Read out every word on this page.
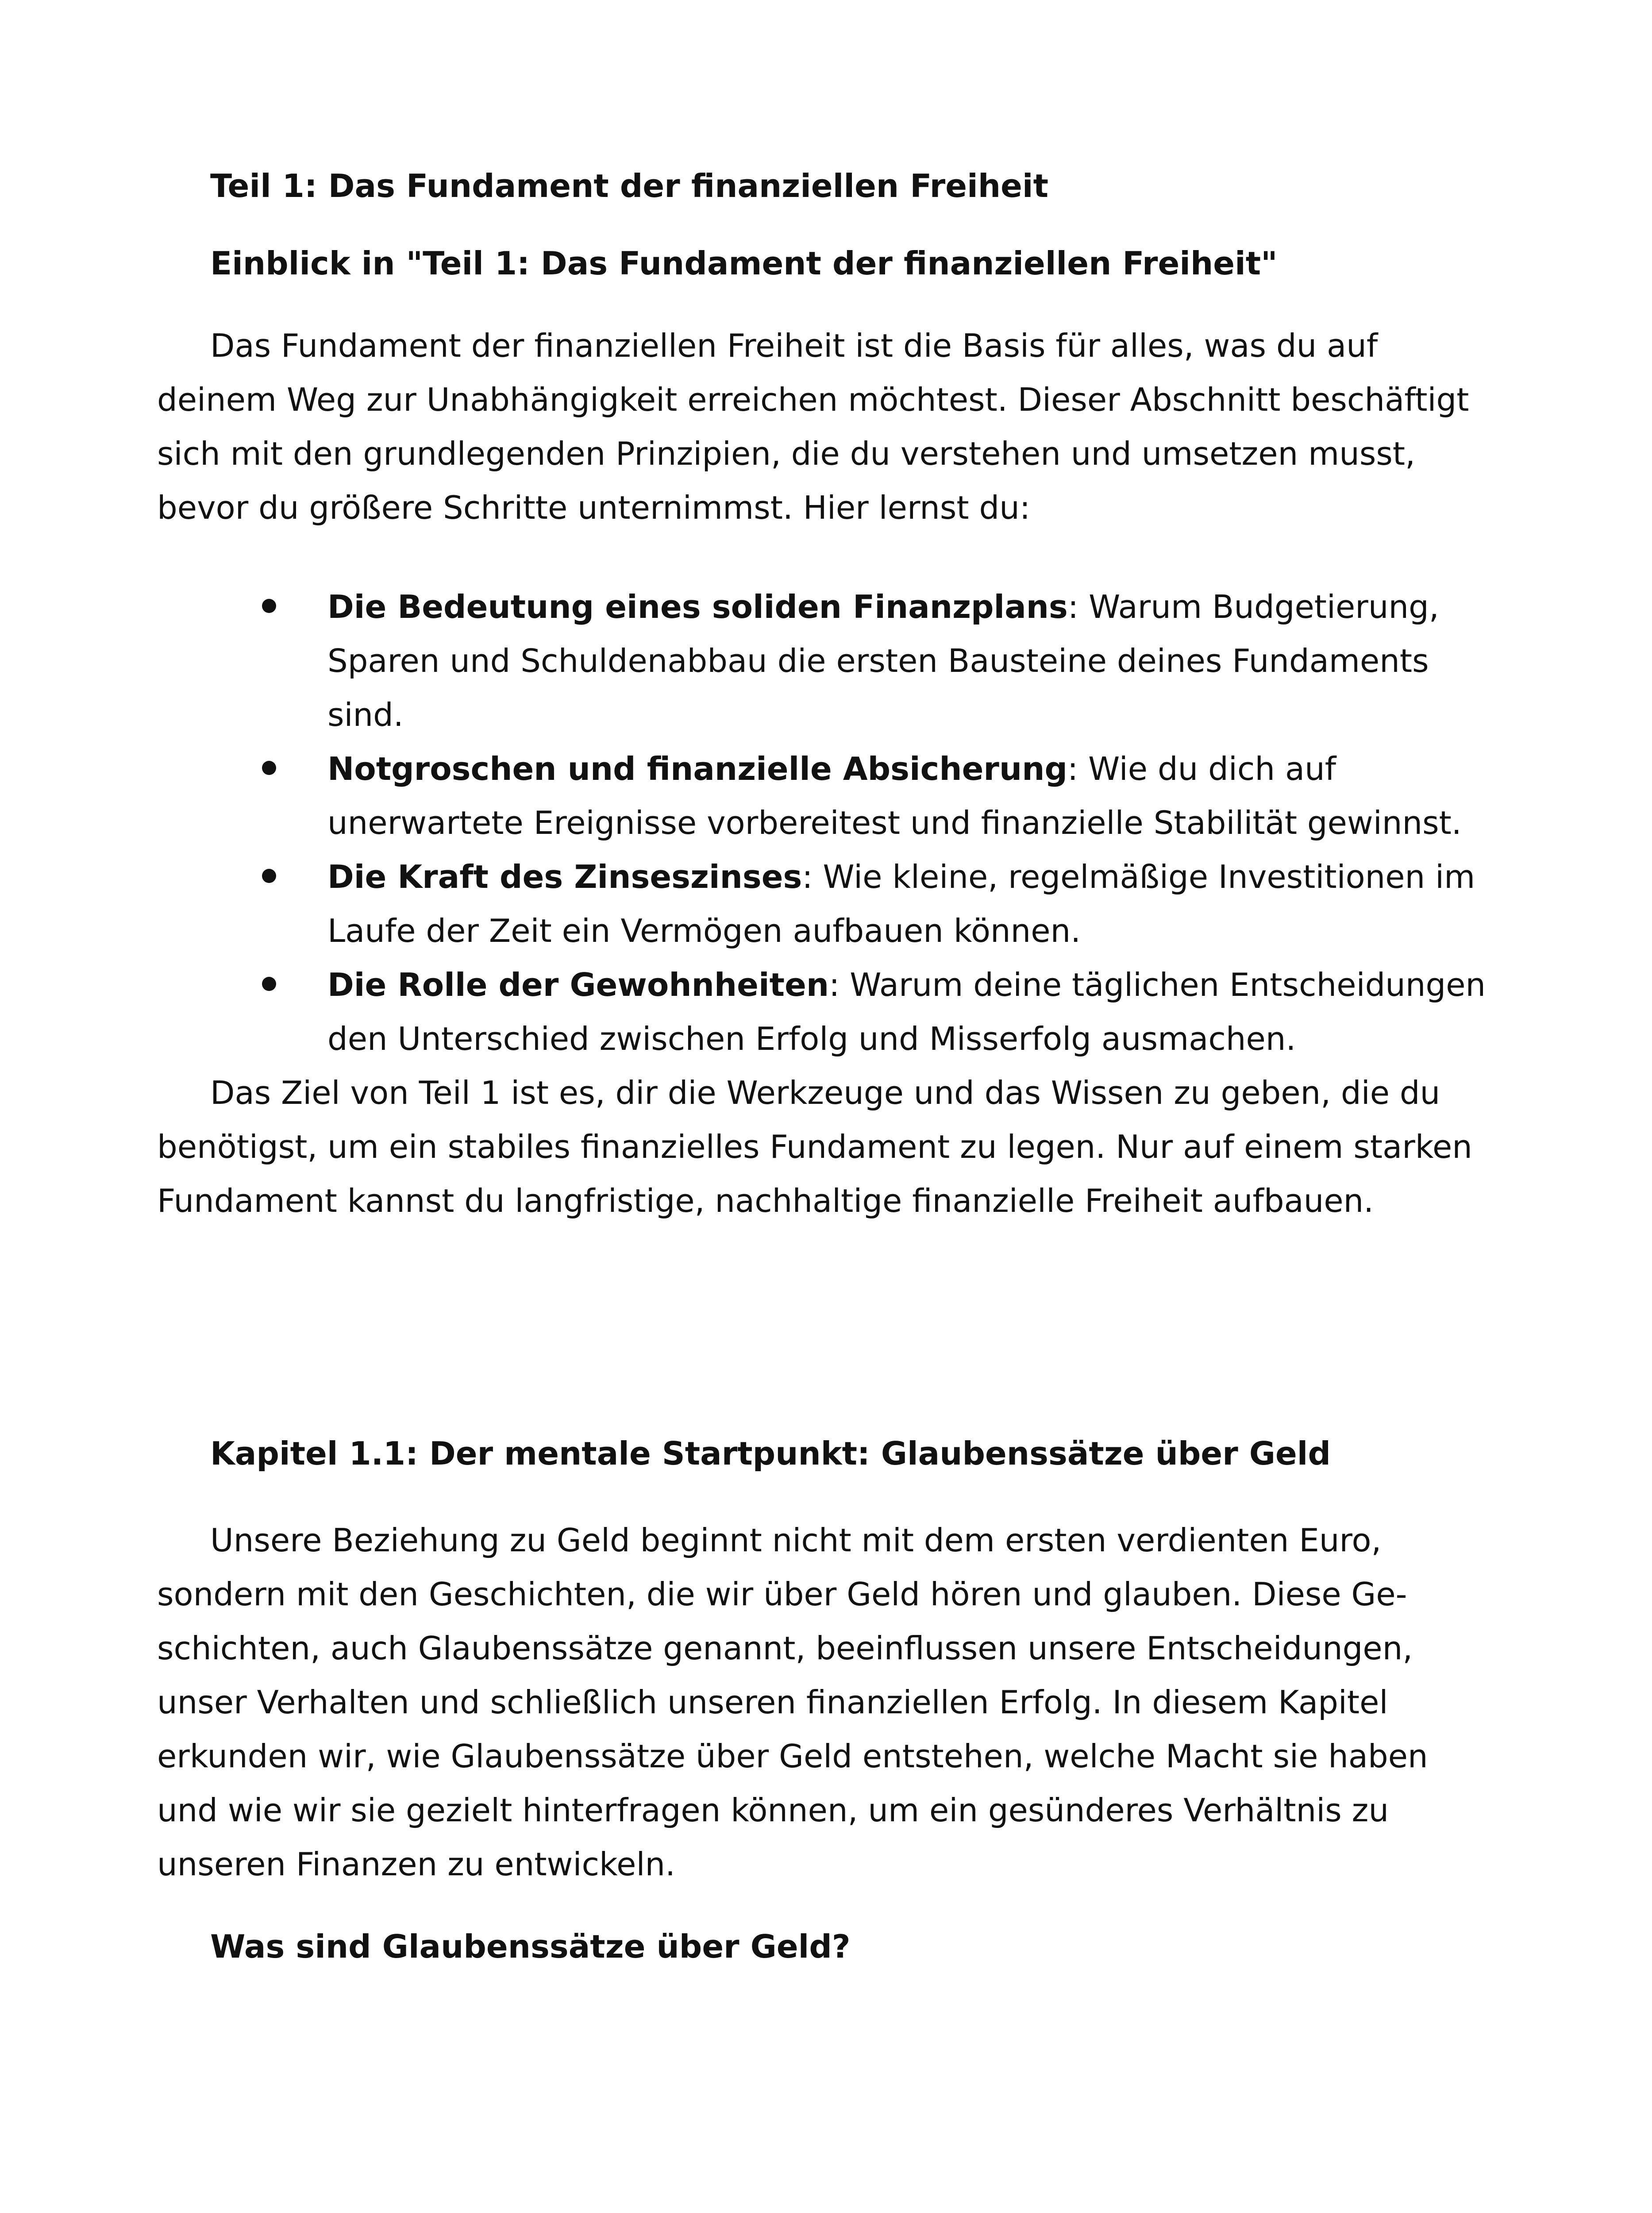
Teil 1: Das Fundament der finanziellen Freiheit
Einblick in "Teil 1: Das Fundament der finanziellen Freiheit"

Das Fundament der finanziellen Freiheit ist die Basis für alles, was du auf deinem Weg zur Unabhängigkeit erreichen möchtest. Dieser Abschnitt beschäftigt sich mit den grundlegenden Prinzipien, die du verstehen und umsetzen musst, bevor du größere Schritte unternimmst. Hier lernst du:

Die Bedeutung eines soliden Finanzplans: Warum Budgetierung, Sparen und Schuldenabbau die ersten Bausteine deines Fundaments sind.
Notgroschen und finanzielle Absicherung: Wie du dich auf unerwartete Ereignisse vorbereitest und finanzielle Stabilität gewinnst.
Die Kraft des Zinseszinses: Wie kleine, regelmäßige Investitionen im Laufe der Zeit ein Vermögen aufbauen können.
Die Rolle der Gewohnheiten: Warum deine täglichen Entscheidungen den Unterschied zwischen Erfolg und Misserfolg ausmachen.

Das Ziel von Teil 1 ist es, dir die Werkzeuge und das Wissen zu geben, die du benötigst, um ein stabiles finanzielles Fundament zu legen. Nur auf einem starken Fundament kannst du langfristige, nachhaltige finanzielle Freiheit aufbauen.

Kapitel 1.1: Der mentale Startpunkt: Glaubenssätze über Geld

Unsere Beziehung zu Geld beginnt nicht mit dem ersten verdienten Euro, sondern mit den Geschichten, die wir über Geld hören und glauben. Diese Geschichten, auch Glaubenssätze genannt, beeinflussen unsere Entscheidungen, unser Verhalten und schließlich unseren finanziellen Erfolg. In diesem Kapitel erkunden wir, wie Glaubenssätze über Geld entstehen, welche Macht sie haben und wie wir sie gezielt hinterfragen können, um ein gesünderes Verhältnis zu unseren Finanzen zu entwickeln.

Was sind Glaubenssätze über Geld?
